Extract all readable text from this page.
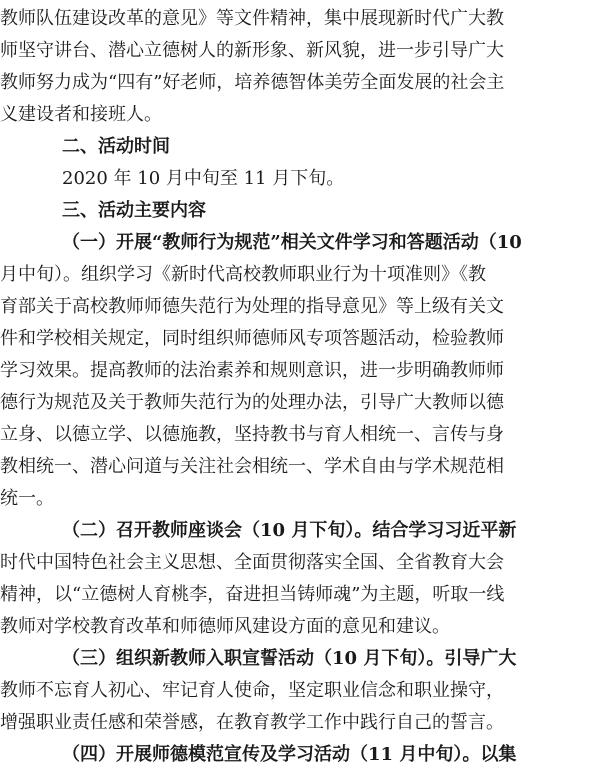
教师队伍建设改革的意见》等文件精神，集中展现新时代广大教
师坚守讲台、潜心立德树人的新形象、新风貌，进一步引导广大
教师努力成为“四有”好老师，培养德智体美劳全面发展的社会主
义建设者和接班人。
二、活动时间
2020 年 10 月中旬至 11 月下旬。
三、活动主要内容
（一）开展“教师行为规范”相关文件学习和答题活动（10
月中旬）。组织学习《新时代高校教师职业行为十项准则》《教
育部关于高校教师师德失范行为处理的指导意见》等上级有关文
件和学校相关规定，同时组织师德师风专项答题活动，检验教师
学习效果。提高教师的法治素养和规则意识，进一步明确教师师
德行为规范及关于教师失范行为的处理办法，引导广大教师以德
立身、以德立学、以德施教，坚持教书与育人相统一、言传与身
教相统一、潜心问道与关注社会相统一、学术自由与学术规范相
统一。
（二）召开教师座谈会（10 月下旬）。结合学习习近平新
时代中国特色社会主义思想、全面贯彻落实全国、全省教育大会
精神，以“立德树人育桃李，奋进担当铸师魂”为主题，听取一线
教师对学校教育改革和师德师风建设方面的意见和建议。
（三）组织新教师入职宣誓活动（10 月下旬）。引导广大
教师不忘育人初心、牢记育人使命，坚定职业信念和职业操守，
增强职业责任感和荣誉感，在教育教学工作中践行自己的誓言。
（四）开展师德模范宣传及学习活动（11 月中旬）。以集
